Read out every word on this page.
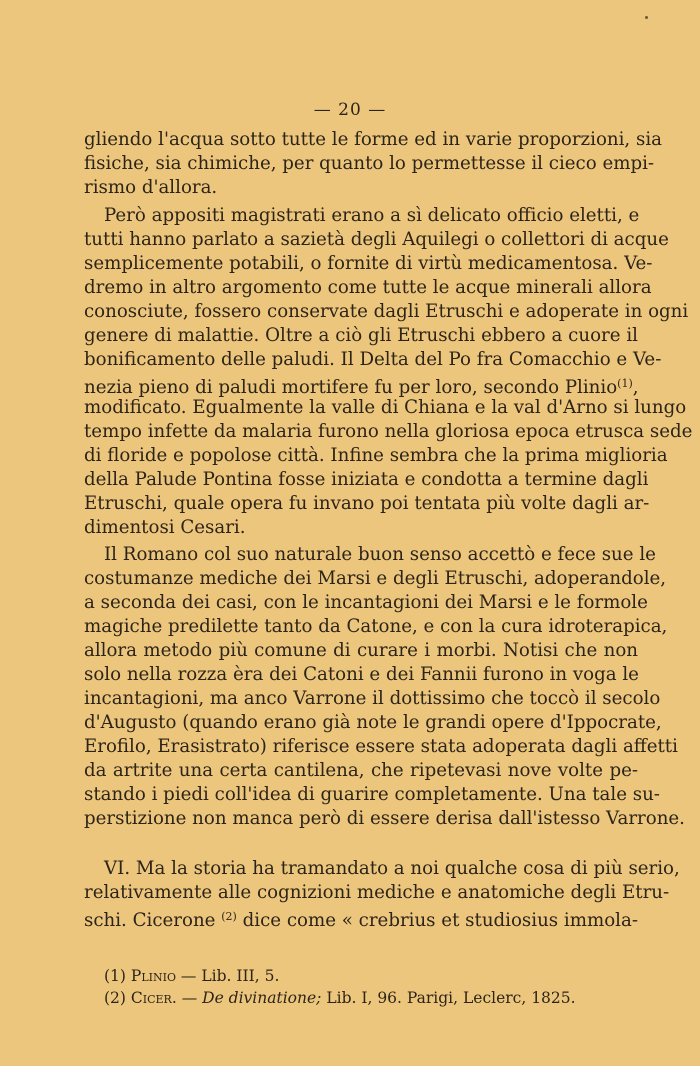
— 20 —
gliendo l'acqua sotto tutte le forme ed in varie proporzioni, sia
fisiche, sia chimiche, per quanto lo permettesse il cieco empi-
rismo d'allora.
Però appositi magistrati erano a sì delicato officio eletti, e
tutti hanno parlato a sazietà degli Aquilegi o collettori di acque
semplicemente potabili, o fornite di virtù medicamentosa. Ve-
dremo in altro argomento come tutte le acque minerali allora
conosciute, fossero conservate dagli Etruschi e adoperate in ogni
genere di malattie. Oltre a ciò gli Etruschi ebbero a cuore il
bonificamento delle paludi. Il Delta del Po fra Comacchio e Ve-
nezia pieno di paludi mortifere fu per loro, secondo Plinio$^{(1)}$,
modificato. Egualmente la valle di Chiana e la val d'Arno si lungo
tempo infette da malaria furono nella gloriosa epoca etrusca sede
di floride e popolose città. Infine sembra che la prima miglioria
della Palude Pontina fosse iniziata e condotta a termine dagli
Etruschi, quale opera fu invano poi tentata più volte dagli ar-
dimentosi Cesari.
Il Romano col suo naturale buon senso accettò e fece sue le
costumanze mediche dei Marsi e degli Etruschi, adoperandole,
a seconda dei casi, con le incantagioni dei Marsi e le formole
magiche predilette tanto da Catone, e con la cura idroterapica,
allora metodo più comune di curare i morbi. Notisi che non
solo nella rozza èra dei Catoni e dei Fannii furono in voga le
incantagioni, ma anco Varrone il dottissimo che toccò il secolo
d'Augusto (quando erano già note le grandi opere d'Ippocrate,
Erofilo, Erasistrato) riferisce essere stata adoperata dagli affetti
da artrite una certa cantilena, che ripetevasi nove volte pe-
stando i piedi coll'idea di guarire completamente. Una tale su-
perstizione non manca però di essere derisa dall'istesso Varrone.
VI. Ma la storia ha tramandato a noi qualche cosa di più serio,
relativamente alle cognizioni mediche e anatomiche degli Etru-
schi. Cicerone $^{(2)}$ dice come « crebrius et studiosius immola-
(1) Plinio — Lib. III, 5.
(2) Cicer. — De divinatione; Lib. I, 96. Parigi, Leclerc, 1825.
